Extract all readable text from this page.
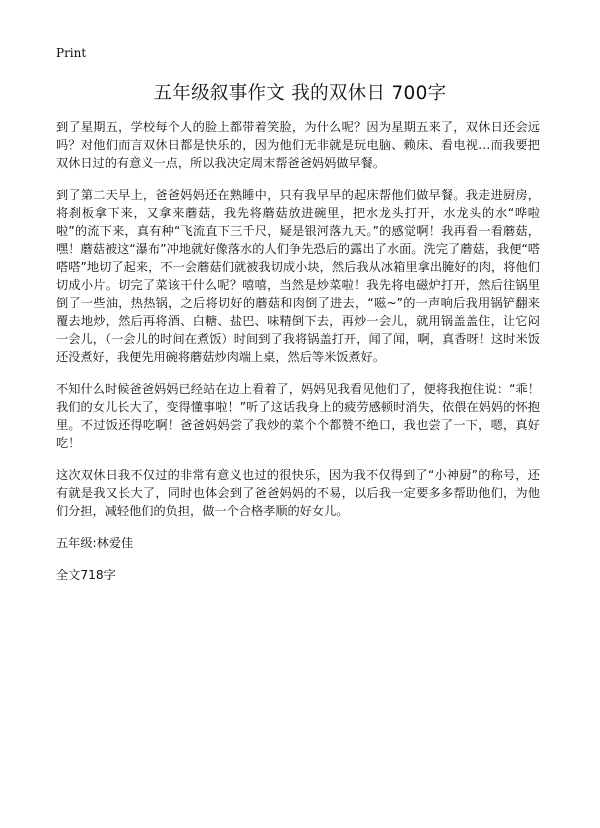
Print
五年级叙事作文 我的双休日 700字

到了星期五，学校每个人的脸上都带着笑脸，为什么呢？因为星期五来了，双休日还会远吗？对他们而言双休日都是快乐的，因为他们无非就是玩电脑、赖床、看电视…而我要把双休日过的有意义一点，所以我决定周末帮爸爸妈妈做早餐。

到了第二天早上，爸爸妈妈还在熟睡中，只有我早早的起床帮他们做早餐。我走进厨房，将刹板拿下来，又拿来蘑菇，我先将蘑菇放进碗里，把水龙头打开，水龙头的水“哗啦啦”的流下来，真有种“飞流直下三千尺，疑是银河落九天。”的感觉啊！我再看一看蘑菇，嘿！蘑菇被这“瀑布”冲地就好像落水的人们争先恐后的露出了水面。洗完了蘑菇，我便“嗒嗒嗒”地切了起来，不一会蘑菇们就被我切成小块，然后我从冰箱里拿出腌好的肉，将他们切成小片。切完了菜该干什么呢？嘻嘻，当然是炒菜啦！我先将电磁炉打开，然后往锅里倒了一些油，热热锅，之后将切好的蘑菇和肉倒了进去，“嗞~”的一声响后我用锅铲翻来覆去地炒，然后再将酒、白糖、盐巴、味精倒下去，再炒一会儿，就用锅盖盖住，让它闷一会儿，（一会儿的时间在煮饭）时间到了我将锅盖打开，闻了闻，啊，真香呀！这时米饭还没煮好，我便先用碗将蘑菇炒肉端上桌，然后等米饭煮好。

不知什么时候爸爸妈妈已经站在边上看着了，妈妈见我看见他们了，便将我抱住说：“乖！我们的女儿长大了，变得懂事啦！”听了这话我身上的疲劳感顿时消失，依偎在妈妈的怀抱里。不过饭还得吃啊！爸爸妈妈尝了我炒的菜个个都赞不绝口，我也尝了一下，嗯，真好吃！

这次双休日我不仅过的非常有意义也过的很快乐，因为我不仅得到了“小神厨”的称号，还有就是我又长大了，同时也体会到了爸爸妈妈的不易，以后我一定要多多帮助他们，为他们分担，减轻他们的负担，做一个合格孝顺的好女儿。

五年级:林爱佳

全文718字
